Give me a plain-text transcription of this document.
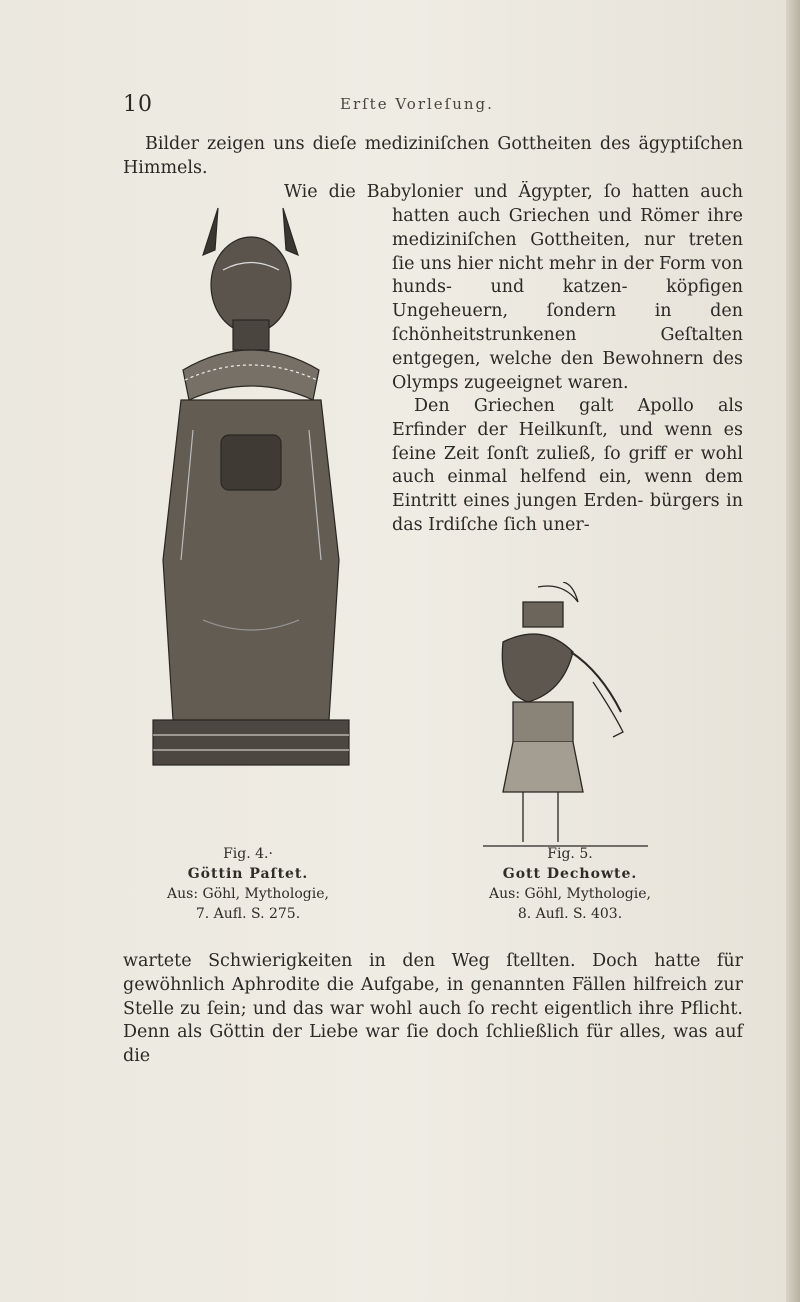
10	Erſte Vorleſung.
Bilder zeigen uns dieſe mediziniſchen Gottheiten des ägyptiſchen Himmels.
Wie die Babylonier und Ägypter, ſo hatten auch
hatten auch Griechen und Römer ihre mediziniſchen Gottheiten, nur treten ſie uns hier nicht mehr in der Form von hunds- und katzen- köpfigen Ungeheuern, ſondern in den ſchönheitstrunkenen Geſtalten entgegen, welche den Bewohnern des Olymps zugeeignet waren.
Den Griechen galt Apollo als Erfinder der Heilkunſt, und wenn es ſeine Zeit ſonſt zuließ, ſo griff er wohl auch einmal helfend ein, wenn dem Eintritt eines jungen Erden- bürgers in das Irdiſche ſich uner-
Fig. 4.·
Göttin Paſtet.
Aus: Göhl, Mythologie,
7. Aufl. S. 275.
Fig. 5.
Gott Dechowte.
Aus: Göhl, Mythologie,
8. Aufl. S. 403.
wartete Schwierigkeiten in den Weg ſtellten. Doch hatte für gewöhnlich Aphrodite die Aufgabe, in genannten Fällen hilfreich zur Stelle zu ſein; und das war wohl auch ſo recht eigentlich ihre Pflicht. Denn als Göttin der Liebe war ſie doch ſchließlich für alles, was auf die
